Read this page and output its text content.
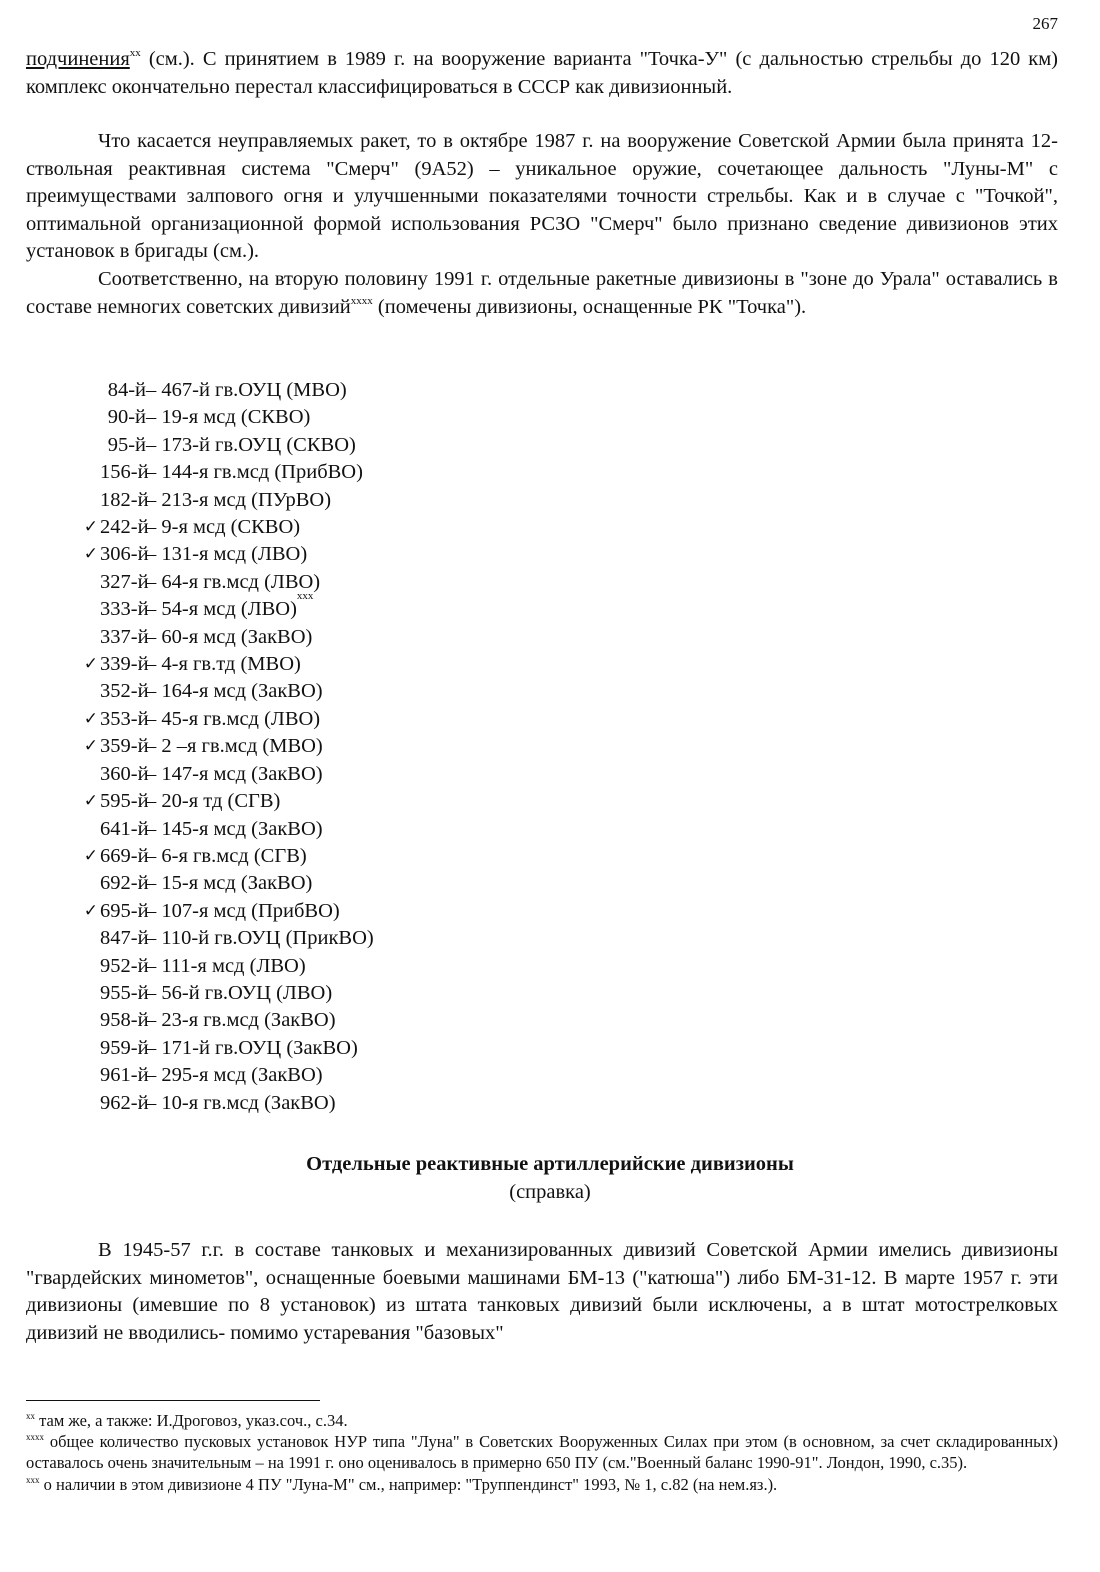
267

подчинения$^{xx}$ (см.). С принятием в 1989 г. на вооружение варианта "Точка-У" (с дальностью стрельбы до 120 км) комплекс окончательно перестал классифицироваться в СССР как дивизионный.

Что касается неуправляемых ракет, то в октябре 1987 г. на вооружение Советской Армии была принята 12-ствольная реактивная система "Смерч" (9А52) – уникальное оружие, сочетающее дальность "Луны-М" с преимуществами залпового огня и улучшенными показателями точности стрельбы. Как и в случае с "Точкой", оптимальной организационной формой использования РСЗО "Смерч" было признано сведение дивизионов этих установок в бригады (см.).

Соответственно, на вторую половину 1991 г. отдельные ракетные дивизионы в "зоне до Урала" оставались в составе немногих советских дивизий$^{xxxx}$ (помечены дивизионы, оснащенные РК "Точка").

84-й – 467-й гв.ОУЦ (МВО)
90-й – 19-я мсд (СКВО)
95-й – 173-й гв.ОУЦ (СКВО)
156-й
– 144-я гв.мсд (ПрибВО)
182-й
– 213-я мсд (ПУрВО)
✓ 242-й
– 9-я мсд (СКВО)
✓ 306-й
– 131-я мсд (ЛВО)
327-й
– 64-я гв.мсд (ЛВО)
333-й
– 54-я мсд (ЛВО)
xxx
337-й
– 60-я мсд (ЗакВО)
✓ 339-й
– 4-я гв.тд (МВО)
352-й
– 164-я мсд (ЗакВО)
✓ 353-й
– 45-я гв.мсд (ЛВО)
✓ 359-й
– 2 –я гв.мсд (МВО)
360-й
– 147-я мсд (ЗакВО)
✓ 595-й
– 20-я тд (СГВ)
641-й
– 145-я мсд (ЗакВО)
✓ 669-й
– 6-я гв.мсд (СГВ)
692-й
– 15-я мсд (ЗакВО)
✓ 695-й
– 107-я мсд (ПрибВО)
847-й
– 110-й гв.ОУЦ (ПрикВО)
952-й
– 111-я мсд (ЛВО)
955-й
– 56-й гв.ОУЦ (ЛВО)
958-й
– 23-я гв.мсд (ЗакВО)
959-й
– 171-й гв.ОУЦ (ЗакВО)
961-й
– 295-я мсд (ЗакВО)
962-й
– 10-я гв.мсд (ЗакВО)
Отдельные реактивные артиллерийские дивизионы
(справка)

В 1945-57 г.г. в составе танковых и механизированных дивизий Советской Армии имелись дивизионы "гвардейских минометов", оснащенные боевыми машинами БМ-13 ("катюша") либо БМ-31-12. В марте 1957 г. эти дивизионы (имевшие по 8 установок) из штата танковых дивизий были исключены, а в штат мотострелковых дивизий не вводились- помимо устаревания "базовых"

$^{xx}$ там же, а также: И.Дроговоз, указ.соч., с.34.

$^{xxxx}$ общее количество пусковых установок НУР типа "Луна" в Советских Вооруженных Силах при этом (в основном, за счет складированных) оставалось очень значительным – на 1991 г. оно оценивалось в примерно 650 ПУ (см."Военный баланс 1990-91". Лондон, 1990, с.35).

$^{xxx}$ о наличии в этом дивизионе 4 ПУ "Луна-М" см., например: "Труппендинст" 1993, № 1, с.82 (на нем.яз.).
